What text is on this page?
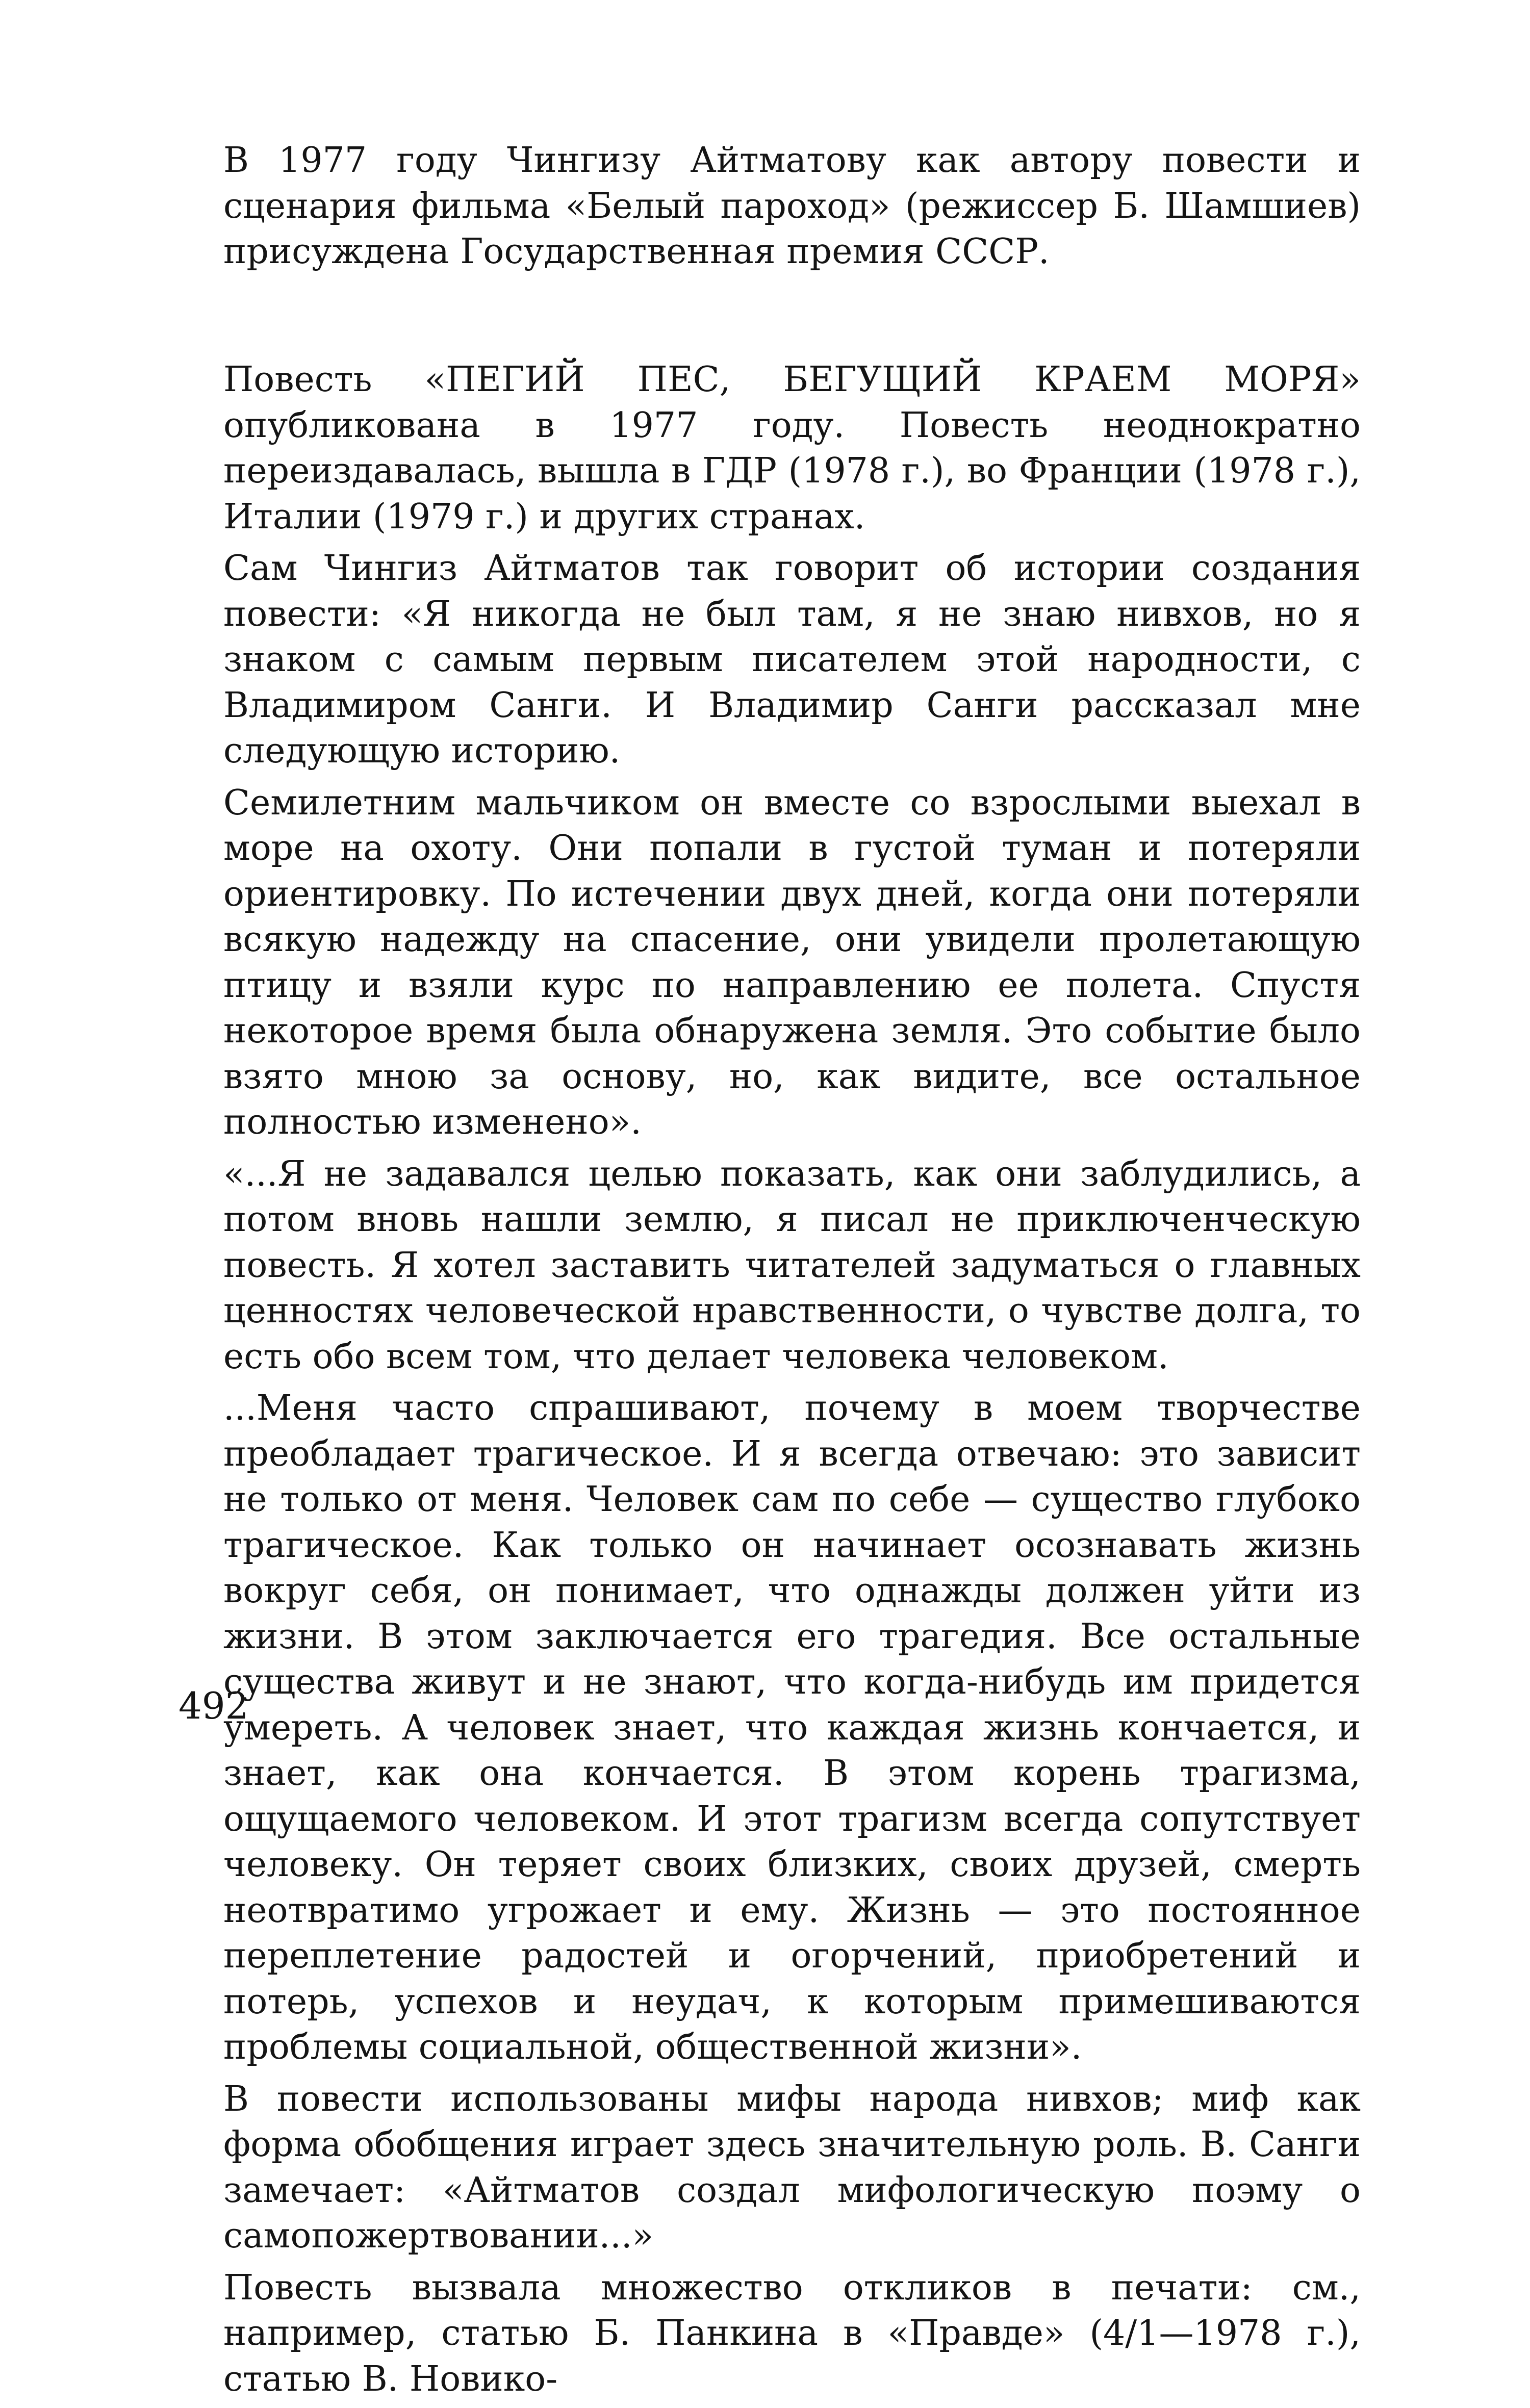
В 1977 году Чингизу Айтматову как автору повести и сценария фильма «Белый пароход» (режиссер Б. Шамшиев) присуждена Государственная премия СССР.

Повесть «ПЕГИЙ ПЕС, БЕГУЩИЙ КРАЕМ МОРЯ» опубликована в 1977 году. Повесть неоднократно переиздавалась, вышла в ГДР (1978 г.), во Франции (1978 г.), Италии (1979 г.) и других странах.

Сам Чингиз Айтматов так говорит об истории создания повести: «Я никогда не был там, я не знаю нивхов, но я знаком с самым первым писателем этой народности, с Владимиром Санги. И Владимир Санги рассказал мне следующую историю.

Семилетним мальчиком он вместе со взрослыми выехал в море на охоту. Они попали в густой туман и потеряли ориентировку. По истечении двух дней, когда они потеряли всякую надежду на спасение, они увидели пролетающую птицу и взяли курс по направлению ее полета. Спустя некоторое время была обнаружена земля. Это событие было взято мною за основу, но, как видите, все остальное полностью изменено».

«...Я не задавался целью показать, как они заблудились, а потом вновь нашли землю, я писал не приключенческую повесть. Я хотел заставить читателей задуматься о главных ценностях человеческой нравственности, о чувстве долга, то есть обо всем том, что делает человека человеком.

...Меня часто спрашивают, почему в моем творчестве преобладает трагическое. И я всегда отвечаю: это зависит не только от меня. Человек сам по себе — существо глубоко трагическое. Как только он начинает осознавать жизнь вокруг себя, он понимает, что однажды должен уйти из жизни. В этом заключается его трагедия. Все остальные существа живут и не знают, что когда-нибудь им придется умереть. А человек знает, что каждая жизнь кончается, и знает, как она кончается. В этом корень трагизма, ощущаемого человеком. И этот трагизм всегда сопутствует человеку. Он теряет своих близких, своих друзей, смерть неотвратимо угрожает и ему. Жизнь — это постоянное переплетение радостей и огорчений, приобретений и потерь, успехов и неудач, к которым примешиваются проблемы социальной, общественной жизни».

В повести использованы мифы народа нивхов; миф как форма обобщения играет здесь значительную роль. В. Санги замечает: «Айтматов создал мифологическую поэму о самопожертвовании...»

Повесть вызвала множество откликов в печати: см., например, статью Б. Панкина в «Правде» (4/1—1978 г.), статью В. Новико-

492
